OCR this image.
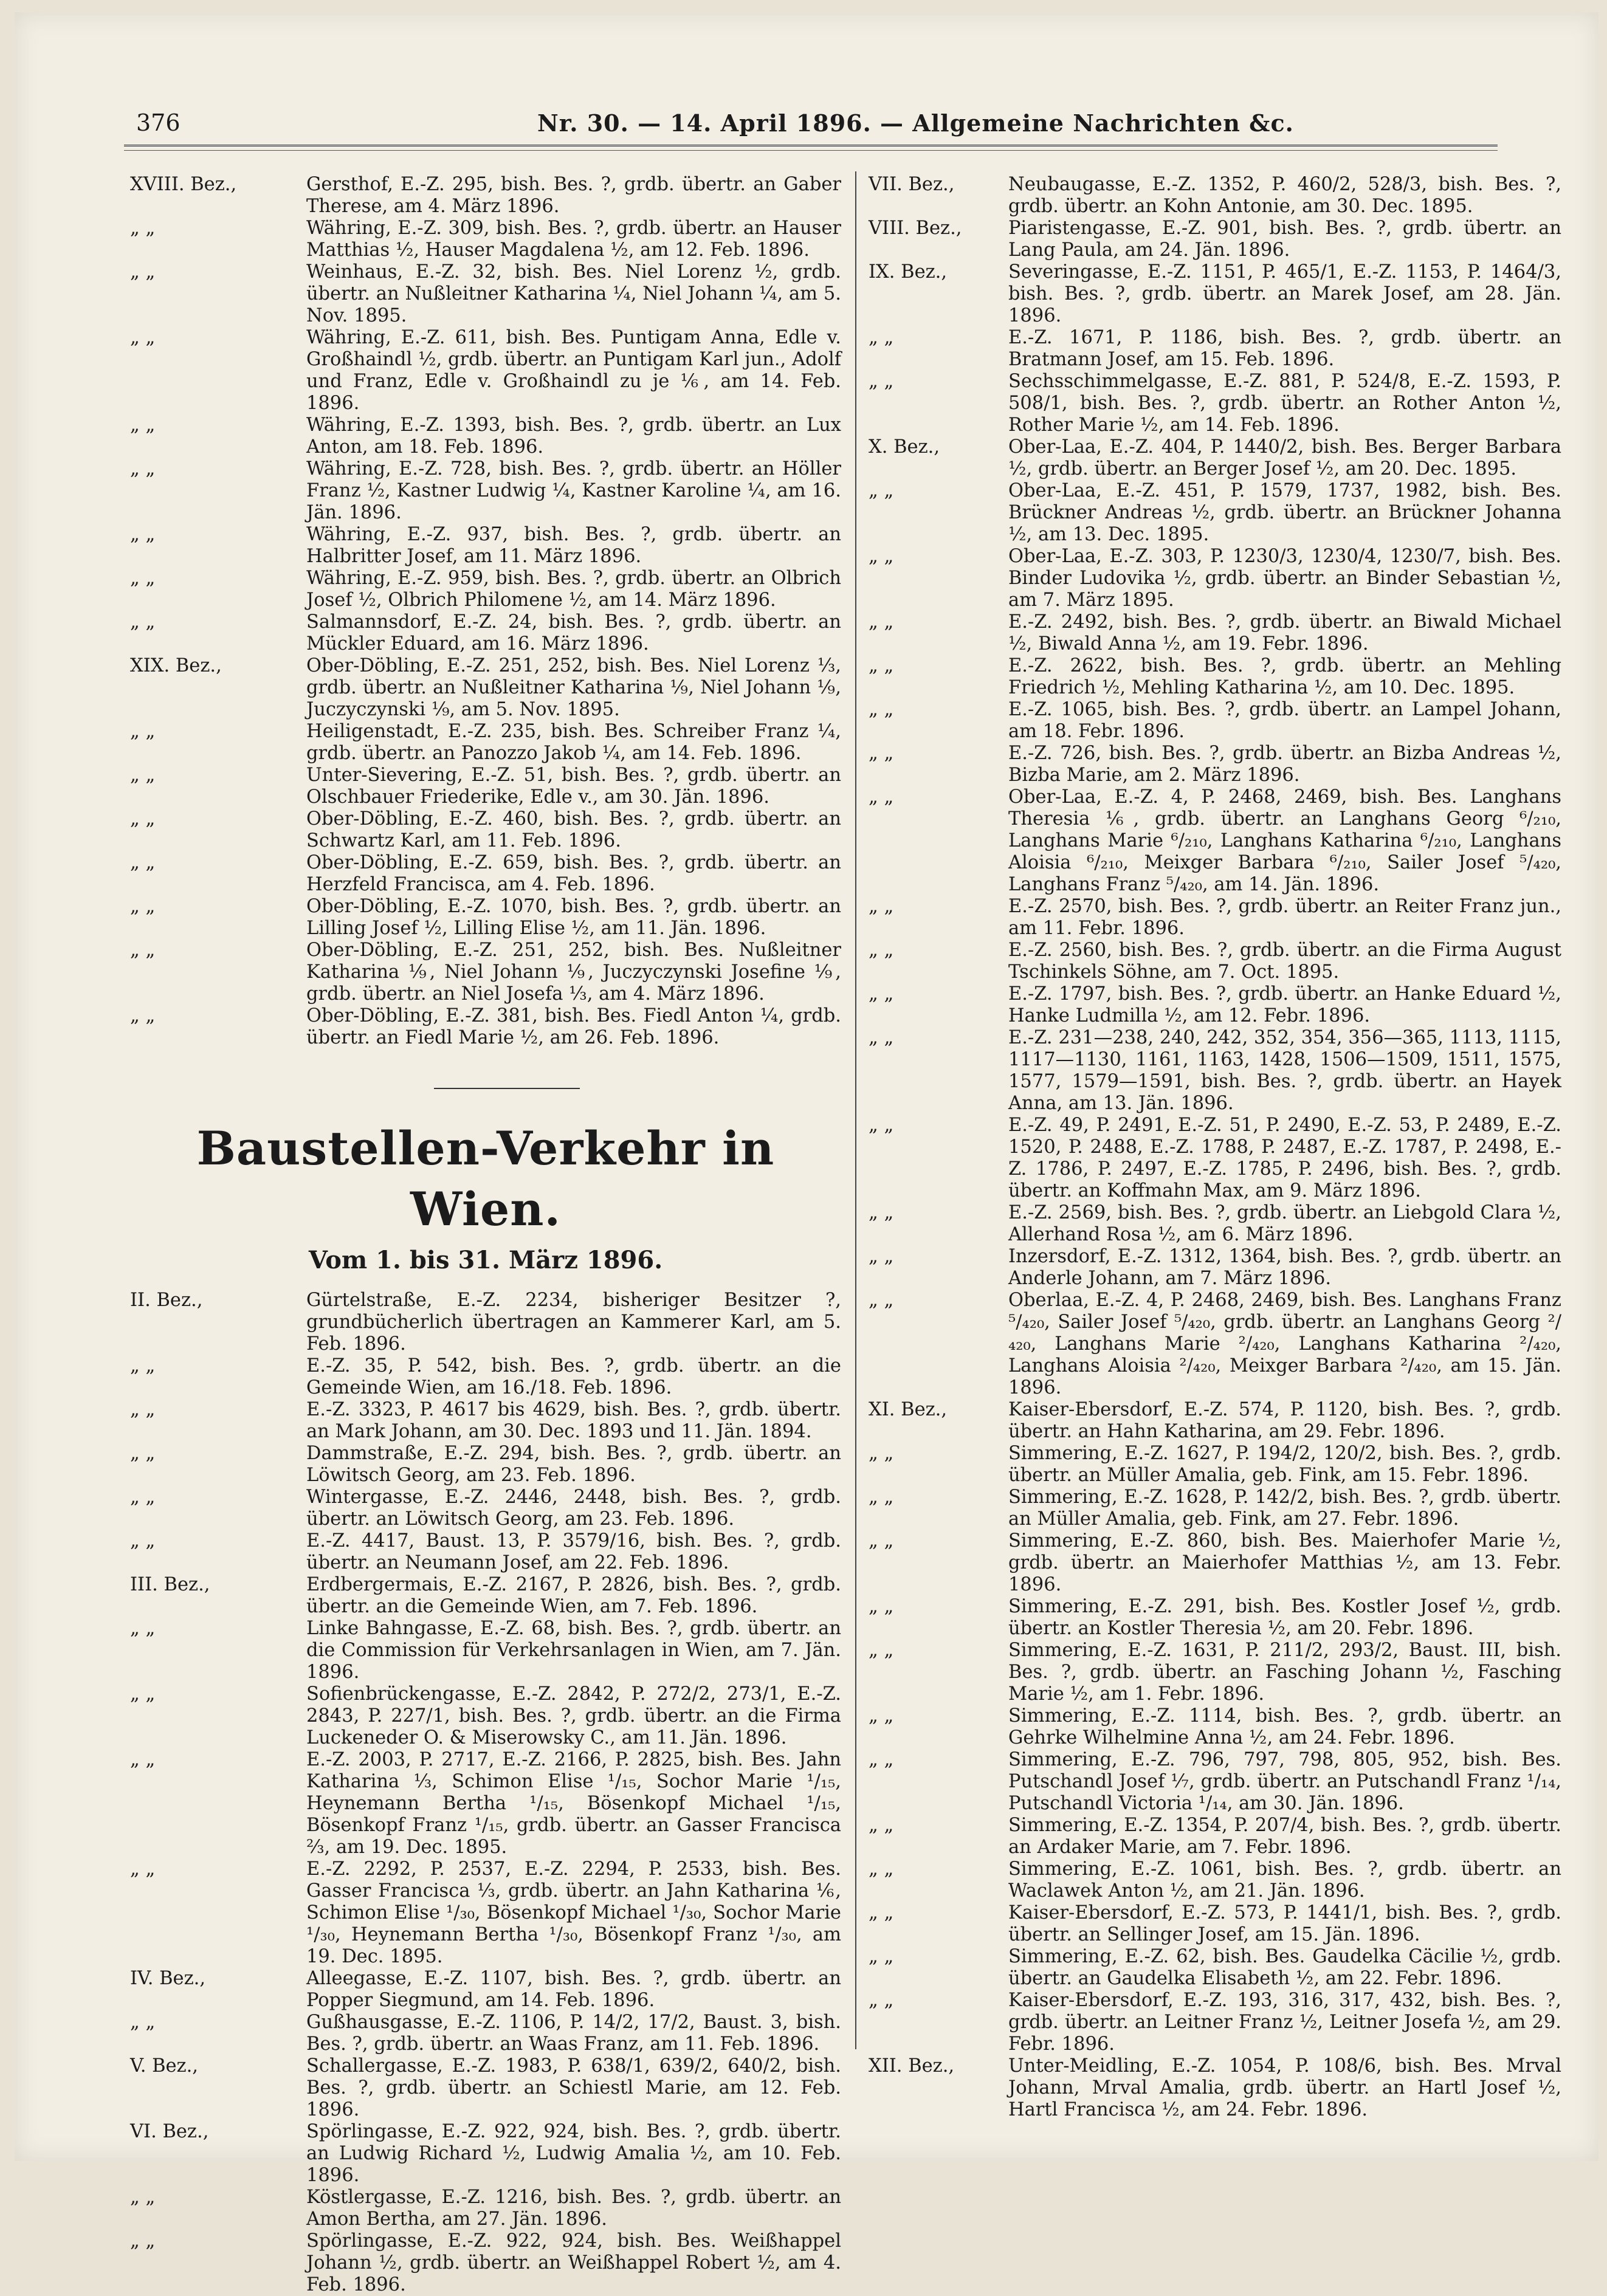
376	Nr. 30. — 14. April 1896. — Allgemeine Nachrichten &c.
XVIII. Bez.,	Gersthof, E.-Z. 295, bish. Bes. ?, grdb. übertr. an Gaber Therese, am 4. März 1896.
„ „	Währing, E.-Z. 309, bish. Bes. ?, grdb. übertr. an Hauser Matthias ½, Hauser Magdalena ½, am 12. Feb. 1896.
„ „	Weinhaus, E.-Z. 32, bish. Bes. Niel Lorenz ½, grdb. übertr. an Nußleitner Katharina ¼, Niel Johann ¼, am 5. Nov. 1895.
„ „	Währing, E.-Z. 611, bish. Bes. Puntigam Anna, Edle v. Großhaindl ½, grdb. übertr. an Puntigam Karl jun., Adolf und Franz, Edle v. Großhaindl zu je ⅙, am 14. Feb. 1896.
„ „	Währing, E.-Z. 1393, bish. Bes. ?, grdb. übertr. an Lux Anton, am 18. Feb. 1896.
„ „	Währing, E.-Z. 728, bish. Bes. ?, grdb. übertr. an Höller Franz ½, Kastner Ludwig ¼, Kastner Karoline ¼, am 16. Jän. 1896.
„ „	Währing, E.-Z. 937, bish. Bes. ?, grdb. übertr. an Halbritter Josef, am 11. März 1896.
„ „	Währing, E.-Z. 959, bish. Bes. ?, grdb. übertr. an Olbrich Josef ½, Olbrich Philomene ½, am 14. März 1896.
„ „	Salmannsdorf, E.-Z. 24, bish. Bes. ?, grdb. übertr. an Mückler Eduard, am 16. März 1896.
XIX. Bez.,	Ober-Döbling, E.-Z. 251, 252, bish. Bes. Niel Lorenz ⅓, grdb. übertr. an Nußleitner Katharina ⅑, Niel Johann ⅑, Juczyczynski ⅑, am 5. Nov. 1895.
„ „	Heiligenstadt, E.-Z. 235, bish. Bes. Schreiber Franz ¼, grdb. übertr. an Panozzo Jakob ¼, am 14. Feb. 1896.
„ „	Unter-Sievering, E.-Z. 51, bish. Bes. ?, grdb. übertr. an Olschbauer Friederike, Edle v., am 30. Jän. 1896.
„ „	Ober-Döbling, E.-Z. 460, bish. Bes. ?, grdb. übertr. an Schwartz Karl, am 11. Feb. 1896.
„ „	Ober-Döbling, E.-Z. 659, bish. Bes. ?, grdb. übertr. an Herzfeld Francisca, am 4. Feb. 1896.
„ „	Ober-Döbling, E.-Z. 1070, bish. Bes. ?, grdb. übertr. an Lilling Josef ½, Lilling Elise ½, am 11. Jän. 1896.
„ „	Ober-Döbling, E.-Z. 251, 252, bish. Bes. Nußleitner Katharina ⅑, Niel Johann ⅑, Juczyczynski Josefine ⅑, grdb. übertr. an Niel Josefa ⅓, am 4. März 1896.
„ „	Ober-Döbling, E.-Z. 381, bish. Bes. Fiedl Anton ¼, grdb. übertr. an Fiedl Marie ½, am 26. Feb. 1896.
Baustellen-Verkehr in Wien.
Vom 1. bis 31. März 1896.
II. Bez.,	Gürtelstraße, E.-Z. 2234, bisheriger Besitzer ?, grundbücherlich übertragen an Kammerer Karl, am 5. Feb. 1896.
„ „	E.-Z. 35, P. 542, bish. Bes. ?, grdb. übertr. an die Gemeinde Wien, am 16./18. Feb. 1896.
„ „	E.-Z. 3323, P. 4617 bis 4629, bish. Bes. ?, grdb. übertr. an Mark Johann, am 30. Dec. 1893 und 11. Jän. 1894.
„ „	Dammstraße, E.-Z. 294, bish. Bes. ?, grdb. übertr. an Löwitsch Georg, am 23. Feb. 1896.
„ „	Wintergasse, E.-Z. 2446, 2448, bish. Bes. ?, grdb. übertr. an Löwitsch Georg, am 23. Feb. 1896.
„ „	E.-Z. 4417, Baust. 13, P. 3579/16, bish. Bes. ?, grdb. übertr. an Neumann Josef, am 22. Feb. 1896.
III. Bez.,	Erdbergermais, E.-Z. 2167, P. 2826, bish. Bes. ?, grdb. übertr. an die Gemeinde Wien, am 7. Feb. 1896.
„ „	Linke Bahngasse, E.-Z. 68, bish. Bes. ?, grdb. übertr. an die Commission für Verkehrsanlagen in Wien, am 7. Jän. 1896.
„ „	Sofienbrückengasse, E.-Z. 2842, P. 272/2, 273/1, E.-Z. 2843, P. 227/1, bish. Bes. ?, grdb. übertr. an die Firma Luckeneder O. & Miserowsky C., am 11. Jän. 1896.
„ „	E.-Z. 2003, P. 2717, E.-Z. 2166, P. 2825, bish. Bes. Jahn Katharina ⅓, Schimon Elise ¹/₁₅, Sochor Marie ¹/₁₅, Heynemann Bertha ¹/₁₅, Bösenkopf Michael ¹/₁₅, Bösenkopf Franz ¹/₁₅, grdb. übertr. an Gasser Francisca ⅔, am 19. Dec. 1895.
„ „	E.-Z. 2292, P. 2537, E.-Z. 2294, P. 2533, bish. Bes. Gasser Francisca ⅓, grdb. übertr. an Jahn Katharina ⅙, Schimon Elise ¹/₃₀, Bösenkopf Michael ¹/₃₀, Sochor Marie ¹/₃₀, Heynemann Bertha ¹/₃₀, Bösenkopf Franz ¹/₃₀, am 19. Dec. 1895.
IV. Bez.,	Alleegasse, E.-Z. 1107, bish. Bes. ?, grdb. übertr. an Popper Siegmund, am 14. Feb. 1896.
„ „	Gußhausgasse, E.-Z. 1106, P. 14/2, 17/2, Baust. 3, bish. Bes. ?, grdb. übertr. an Waas Franz, am 11. Feb. 1896.
V. Bez.,	Schallergasse, E.-Z. 1983, P. 638/1, 639/2, 640/2, bish. Bes. ?, grdb. übertr. an Schiestl Marie, am 12. Feb. 1896.
VI. Bez.,	Spörlingasse, E.-Z. 922, 924, bish. Bes. ?, grdb. übertr. an Ludwig Richard ½, Ludwig Amalia ½, am 10. Feb. 1896.
„ „	Köstlergasse, E.-Z. 1216, bish. Bes. ?, grdb. übertr. an Amon Bertha, am 27. Jän. 1896.
„ „	Spörlingasse, E.-Z. 922, 924, bish. Bes. Weißhappel Johann ½, grdb. übertr. an Weißhappel Robert ½, am 4. Feb. 1896.
VII. Bez.,	Neubaugasse, E.-Z. 1352, P. 460/2, 528/3, bish. Bes. ?, grdb. übertr. an Kohn Antonie, am 30. Dec. 1895.
VIII. Bez.,	Piaristengasse, E.-Z. 901, bish. Bes. ?, grdb. übertr. an Lang Paula, am 24. Jän. 1896.
IX. Bez.,	Severingasse, E.-Z. 1151, P. 465/1, E.-Z. 1153, P. 1464/3, bish. Bes. ?, grdb. übertr. an Marek Josef, am 28. Jän. 1896.
„ „	E.-Z. 1671, P. 1186, bish. Bes. ?, grdb. übertr. an Bratmann Josef, am 15. Feb. 1896.
„ „	Sechsschimmelgasse, E.-Z. 881, P. 524/8, E.-Z. 1593, P. 508/1, bish. Bes. ?, grdb. übertr. an Rother Anton ½, Rother Marie ½, am 14. Feb. 1896.
X. Bez.,	Ober-Laa, E.-Z. 404, P. 1440/2, bish. Bes. Berger Barbara ½, grdb. übertr. an Berger Josef ½, am 20. Dec. 1895.
„ „	Ober-Laa, E.-Z. 451, P. 1579, 1737, 1982, bish. Bes. Brückner Andreas ½, grdb. übertr. an Brückner Johanna ½, am 13. Dec. 1895.
„ „	Ober-Laa, E.-Z. 303, P. 1230/3, 1230/4, 1230/7, bish. Bes. Binder Ludovika ½, grdb. übertr. an Binder Sebastian ½, am 7. März 1895.
„ „	E.-Z. 2492, bish. Bes. ?, grdb. übertr. an Biwald Michael ½, Biwald Anna ½, am 19. Febr. 1896.
„ „	E.-Z. 2622, bish. Bes. ?, grdb. übertr. an Mehling Friedrich ½, Mehling Katharina ½, am 10. Dec. 1895.
„ „	E.-Z. 1065, bish. Bes. ?, grdb. übertr. an Lampel Johann, am 18. Febr. 1896.
„ „	E.-Z. 726, bish. Bes. ?, grdb. übertr. an Bizba Andreas ½, Bizba Marie, am 2. März 1896.
„ „	Ober-Laa, E.-Z. 4, P. 2468, 2469, bish. Bes. Langhans Theresia ⅙, grdb. übertr. an Langhans Georg ⁶/₂₁₀, Langhans Marie ⁶/₂₁₀, Langhans Katharina ⁶/₂₁₀, Langhans Aloisia ⁶/₂₁₀, Meixger Barbara ⁶/₂₁₀, Sailer Josef ⁵/₄₂₀, Langhans Franz ⁵/₄₂₀, am 14. Jän. 1896.
„ „	E.-Z. 2570, bish. Bes. ?, grdb. übertr. an Reiter Franz jun., am 11. Febr. 1896.
„ „	E.-Z. 2560, bish. Bes. ?, grdb. übertr. an die Firma August Tschinkels Söhne, am 7. Oct. 1895.
„ „	E.-Z. 1797, bish. Bes. ?, grdb. übertr. an Hanke Eduard ½, Hanke Ludmilla ½, am 12. Febr. 1896.
„ „	E.-Z. 231—238, 240, 242, 352, 354, 356—365, 1113, 1115, 1117—1130, 1161, 1163, 1428, 1506—1509, 1511, 1575, 1577, 1579—1591, bish. Bes. ?, grdb. übertr. an Hayek Anna, am 13. Jän. 1896.
„ „	E.-Z. 49, P. 2491, E.-Z. 51, P. 2490, E.-Z. 53, P. 2489, E.-Z. 1520, P. 2488, E.-Z. 1788, P. 2487, E.-Z. 1787, P. 2498, E.-Z. 1786, P. 2497, E.-Z. 1785, P. 2496, bish. Bes. ?, grdb. übertr. an Koffmahn Max, am 9. März 1896.
„ „	E.-Z. 2569, bish. Bes. ?, grdb. übertr. an Liebgold Clara ½, Allerhand Rosa ½, am 6. März 1896.
„ „	Inzersdorf, E.-Z. 1312, 1364, bish. Bes. ?, grdb. übertr. an Anderle Johann, am 7. März 1896.
„ „	Oberlaa, E.-Z. 4, P. 2468, 2469, bish. Bes. Langhans Franz ⁵/₄₂₀, Sailer Josef ⁵/₄₂₀, grdb. übertr. an Langhans Georg ²/₄₂₀, Langhans Marie ²/₄₂₀, Langhans Katharina ²/₄₂₀, Langhans Aloisia ²/₄₂₀, Meixger Barbara ²/₄₂₀, am 15. Jän. 1896.
XI. Bez.,	Kaiser-Ebersdorf, E.-Z. 574, P. 1120, bish. Bes. ?, grdb. übertr. an Hahn Katharina, am 29. Febr. 1896.
„ „	Simmering, E.-Z. 1627, P. 194/2, 120/2, bish. Bes. ?, grdb. übertr. an Müller Amalia, geb. Fink, am 15. Febr. 1896.
„ „	Simmering, E.-Z. 1628, P. 142/2, bish. Bes. ?, grdb. übertr. an Müller Amalia, geb. Fink, am 27. Febr. 1896.
„ „	Simmering, E.-Z. 860, bish. Bes. Maierhofer Marie ½, grdb. übertr. an Maierhofer Matthias ½, am 13. Febr. 1896.
„ „	Simmering, E.-Z. 291, bish. Bes. Kostler Josef ½, grdb. übertr. an Kostler Theresia ½, am 20. Febr. 1896.
„ „	Simmering, E.-Z. 1631, P. 211/2, 293/2, Baust. III, bish. Bes. ?, grdb. übertr. an Fasching Johann ½, Fasching Marie ½, am 1. Febr. 1896.
„ „	Simmering, E.-Z. 1114, bish. Bes. ?, grdb. übertr. an Gehrke Wilhelmine Anna ½, am 24. Febr. 1896.
„ „	Simmering, E.-Z. 796, 797, 798, 805, 952, bish. Bes. Putschandl Josef ⅐, grdb. übertr. an Putschandl Franz ¹/₁₄, Putschandl Victoria ¹/₁₄, am 30. Jän. 1896.
„ „	Simmering, E.-Z. 1354, P. 207/4, bish. Bes. ?, grdb. übertr. an Ardaker Marie, am 7. Febr. 1896.
„ „	Simmering, E.-Z. 1061, bish. Bes. ?, grdb. übertr. an Waclawek Anton ½, am 21. Jän. 1896.
„ „	Kaiser-Ebersdorf, E.-Z. 573, P. 1441/1, bish. Bes. ?, grdb. übertr. an Sellinger Josef, am 15. Jän. 1896.
„ „	Simmering, E.-Z. 62, bish. Bes. Gaudelka Cäcilie ½, grdb. übertr. an Gaudelka Elisabeth ½, am 22. Febr. 1896.
„ „	Kaiser-Ebersdorf, E.-Z. 193, 316, 317, 432, bish. Bes. ?, grdb. übertr. an Leitner Franz ½, Leitner Josefa ½, am 29. Febr. 1896.
XII. Bez.,	Unter-Meidling, E.-Z. 1054, P. 108/6, bish. Bes. Mrval Johann, Mrval Amalia, grdb. übertr. an Hartl Josef ½, Hartl Francisca ½, am 24. Febr. 1896.
